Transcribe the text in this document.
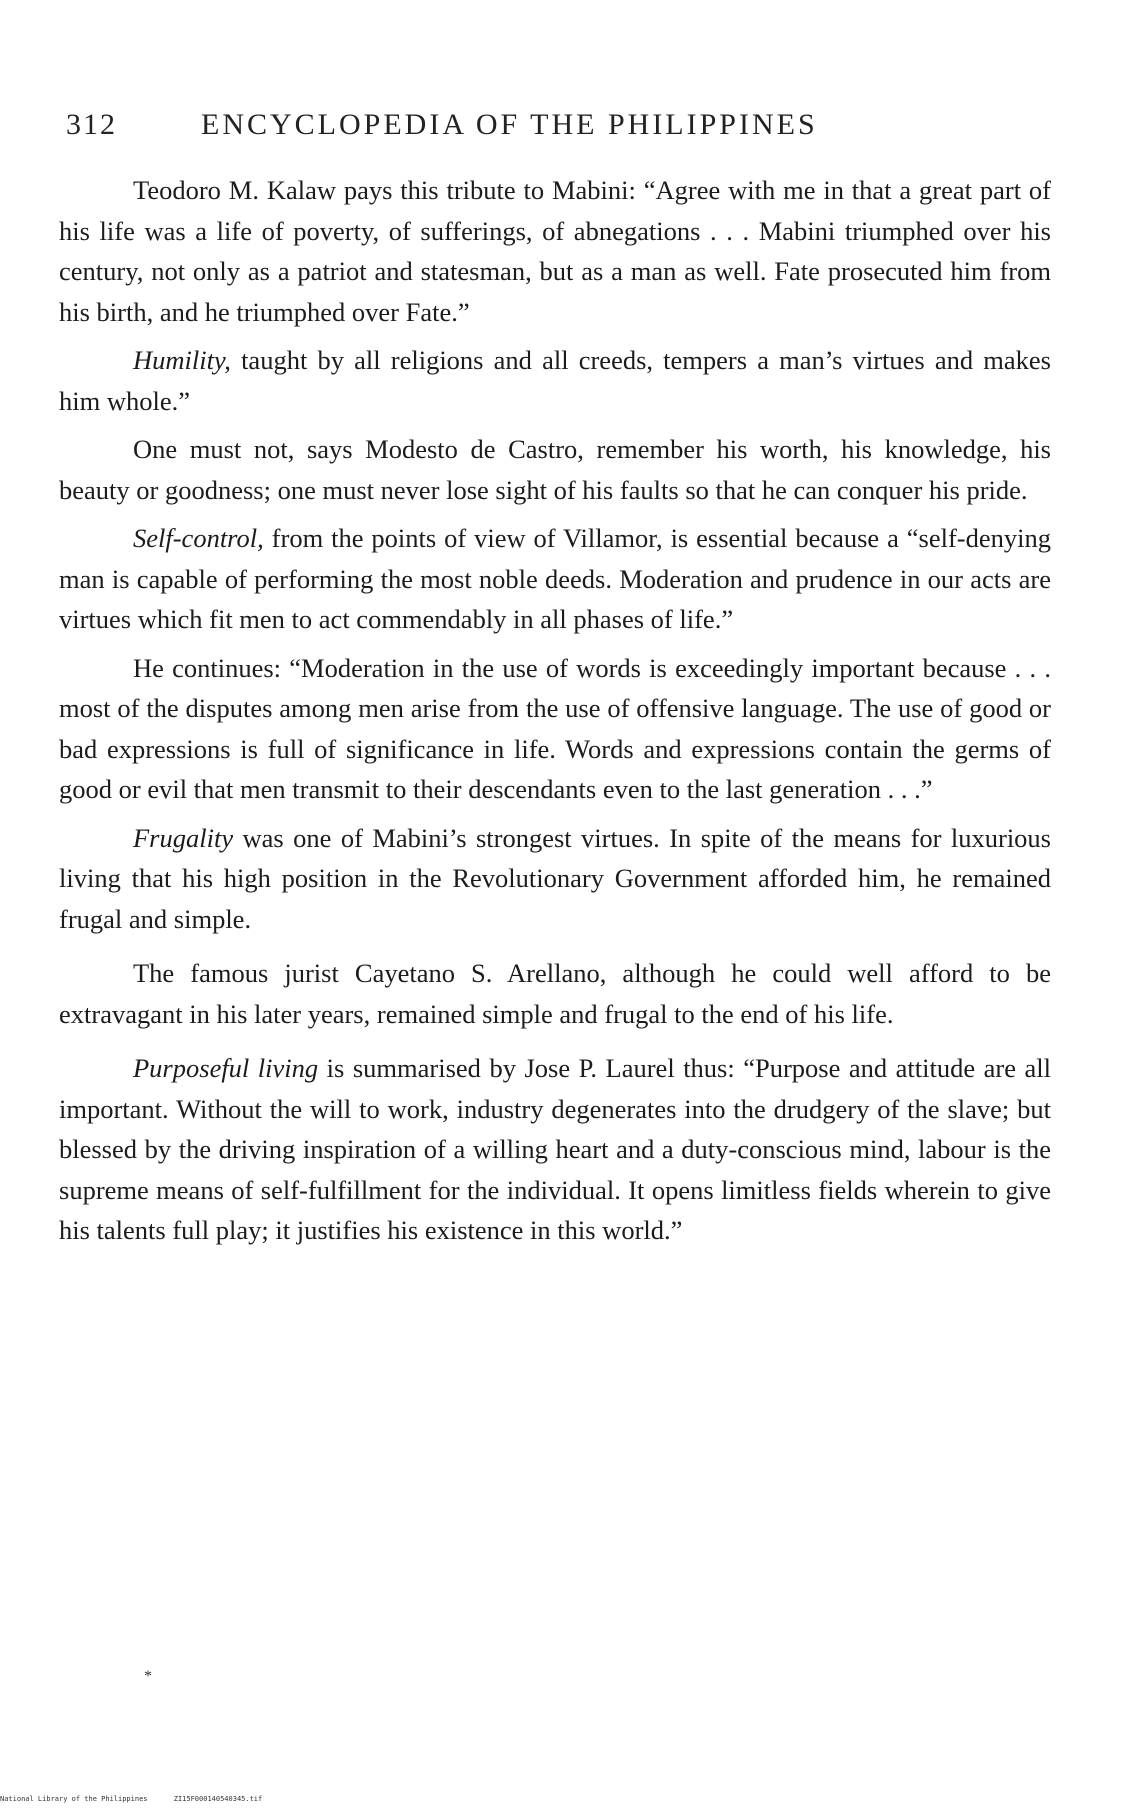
312	ENCYCLOPEDIA OF THE PHILIPPINES

Teodoro M. Kalaw pays this tribute to Mabini: “Agree with me in that a great part of his life was a life of poverty, of sufferings, of abnegations . . . Mabini triumphed over his century, not only as a patriot and statesman, but as a man as well. Fate prosecuted him from his birth, and he triumphed over Fate.”

Humility, taught by all religions and all creeds, tempers a man’s virtues and makes him whole.”

One must not, says Modesto de Castro, remember his worth, his knowledge, his beauty or goodness; one must never lose sight of his faults so that he can conquer his pride.

Self-control, from the points of view of Villamor, is essential because a “self-denying man is capable of performing the most noble deeds. Moderation and prudence in our acts are virtues which fit men to act commendably in all phases of life.”

He continues: “Moderation in the use of words is exceedingly important because . . . most of the disputes among men arise from the use of offensive language. The use of good or bad expressions is full of significance in life. Words and expressions contain the germs of good or evil that men transmit to their descendants even to the last generation . . .”

Frugality was one of Mabini’s strongest virtues. In spite of the means for luxurious living that his high position in the Revolutionary Government afforded him, he remained frugal and simple.

The famous jurist Cayetano S. Arellano, although he could well afford to be extravagant in his later years, remained simple and frugal to the end of his life.

Purposeful living is summarised by Jose P. Laurel thus: “Purpose and attitude are all important. Without the will to work, industry degenerates into the drudgery of the slave; but blessed by the driving inspiration of a willing heart and a duty-conscious mind, labour is the supreme means of self-fulfillment for the individual. It opens limitless fields wherein to give his talents full play; it justifies his existence in this world.”

*
National Library of the Philippines	ZI15F000140540345.tif
